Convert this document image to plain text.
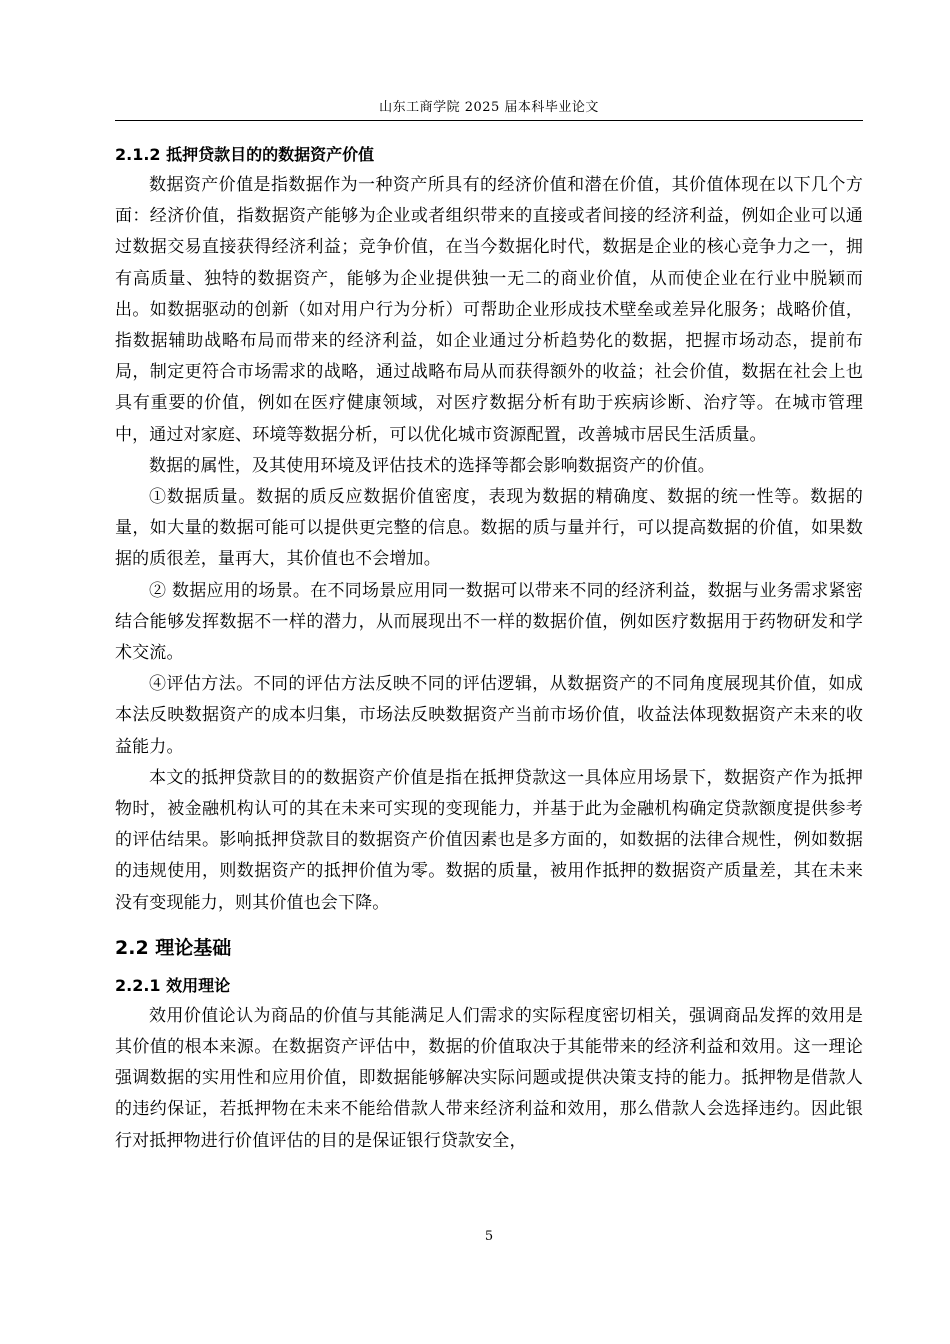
山东工商学院 2025 届本科毕业论文
2.1.2 抵押贷款目的的数据资产价值

数据资产价值是指数据作为一种资产所具有的经济价值和潜在价值，其价值体现在以下几个方面：经济价值，指数据资产能够为企业或者组织带来的直接或者间接的经济利益，例如企业可以通过数据交易直接获得经济利益；竞争价值，在当今数据化时代，数据是企业的核心竞争力之一，拥有高质量、独特的数据资产，能够为企业提供独一无二的商业价值，从而使企业在行业中脱颖而出。如数据驱动的创新（如对用户行为分析）可帮助企业形成技术壁垒或差异化服务；战略价值，指数据辅助战略布局而带来的经济利益，如企业通过分析趋势化的数据，把握市场动态，提前布局，制定更符合市场需求的战略，通过战略布局从而获得额外的收益；社会价值，数据在社会上也具有重要的价值，例如在医疗健康领域，对医疗数据分析有助于疾病诊断、治疗等。在城市管理中，通过对家庭、环境等数据分析，可以优化城市资源配置，改善城市居民生活质量。

数据的属性，及其使用环境及评估技术的选择等都会影响数据资产的价值。

①数据质量。数据的质反应数据价值密度，表现为数据的精确度、数据的统一性等。数据的量，如大量的数据可能可以提供更完整的信息。数据的质与量并行，可以提高数据的价值，如果数据的质很差，量再大，其价值也不会增加。

② 数据应用的场景。在不同场景应用同一数据可以带来不同的经济利益，数据与业务需求紧密结合能够发挥数据不一样的潜力，从而展现出不一样的数据价值，例如医疗数据用于药物研发和学术交流。

④评估方法。不同的评估方法反映不同的评估逻辑，从数据资产的不同角度展现其价值，如成本法反映数据资产的成本归集，市场法反映数据资产当前市场价值，收益法体现数据资产未来的收益能力。

本文的抵押贷款目的的数据资产价值是指在抵押贷款这一具体应用场景下，数据资产作为抵押物时，被金融机构认可的其在未来可实现的变现能力，并基于此为金融机构确定贷款额度提供参考的评估结果。影响抵押贷款目的数据资产价值因素也是多方面的，如数据的法律合规性，例如数据的违规使用，则数据资产的抵押价值为零。数据的质量，被用作抵押的数据资产质量差，其在未来没有变现能力，则其价值也会下降。

2.2 理论基础
2.2.1 效用理论

效用价值论认为商品的价值与其能满足人们需求的实际程度密切相关，强调商品发挥的效用是其价值的根本来源。在数据资产评估中，数据的价值取决于其能带来的经济利益和效用。这一理论强调数据的实用性和应用价值，即数据能够解决实际问题或提供决策支持的能力。抵押物是借款人的违约保证，若抵押物在未来不能给借款人带来经济利益和效用，那么借款人会选择违约。因此银行对抵押物进行价值评估的目的是保证银行贷款安全，

5
